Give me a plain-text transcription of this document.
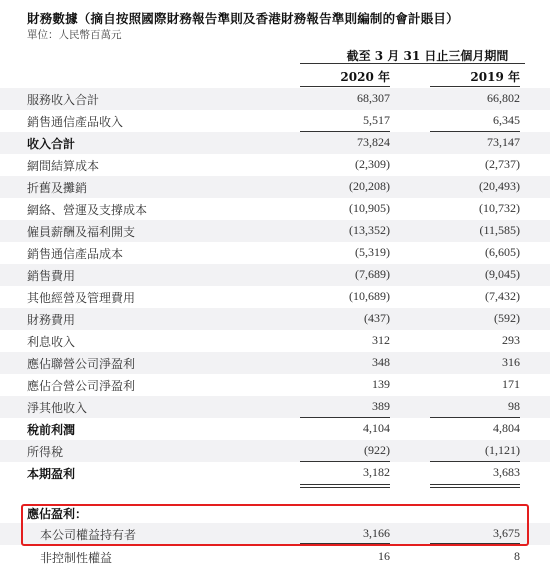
財務數據（摘自按照國際財務報告準則及香港財務報告準則編制的會計賬目）
單位：人民幣百萬元
截至 3 月 31 日止三個月期間
2020 年	2019 年
服務收入合計	68,307	66,802
銷售通信產品收入	5,517	6,345
收入合計	73,824	73,147
網間結算成本	(2,309)	(2,737)
折舊及攤銷	(20,208)	(20,493)
網絡、營運及支撐成本	(10,905)	(10,732)
僱員薪酬及福利開支	(13,352)	(11,585)
銷售通信產品成本	(5,319)	(6,605)
銷售費用	(7,689)	(9,045)
其他經營及管理費用	(10,689)	(7,432)
財務費用	(437)	(592)
利息收入	312	293
應佔聯營公司淨盈利	348	316
應佔合營公司淨盈利	139	171
淨其他收入	389	98
稅前利潤	4,104	4,804
所得稅	(922)	(1,121)
本期盈利	3,182	3,683
應佔盈利：
本公司權益持有者	3,166	3,675
非控制性權益	16	8
